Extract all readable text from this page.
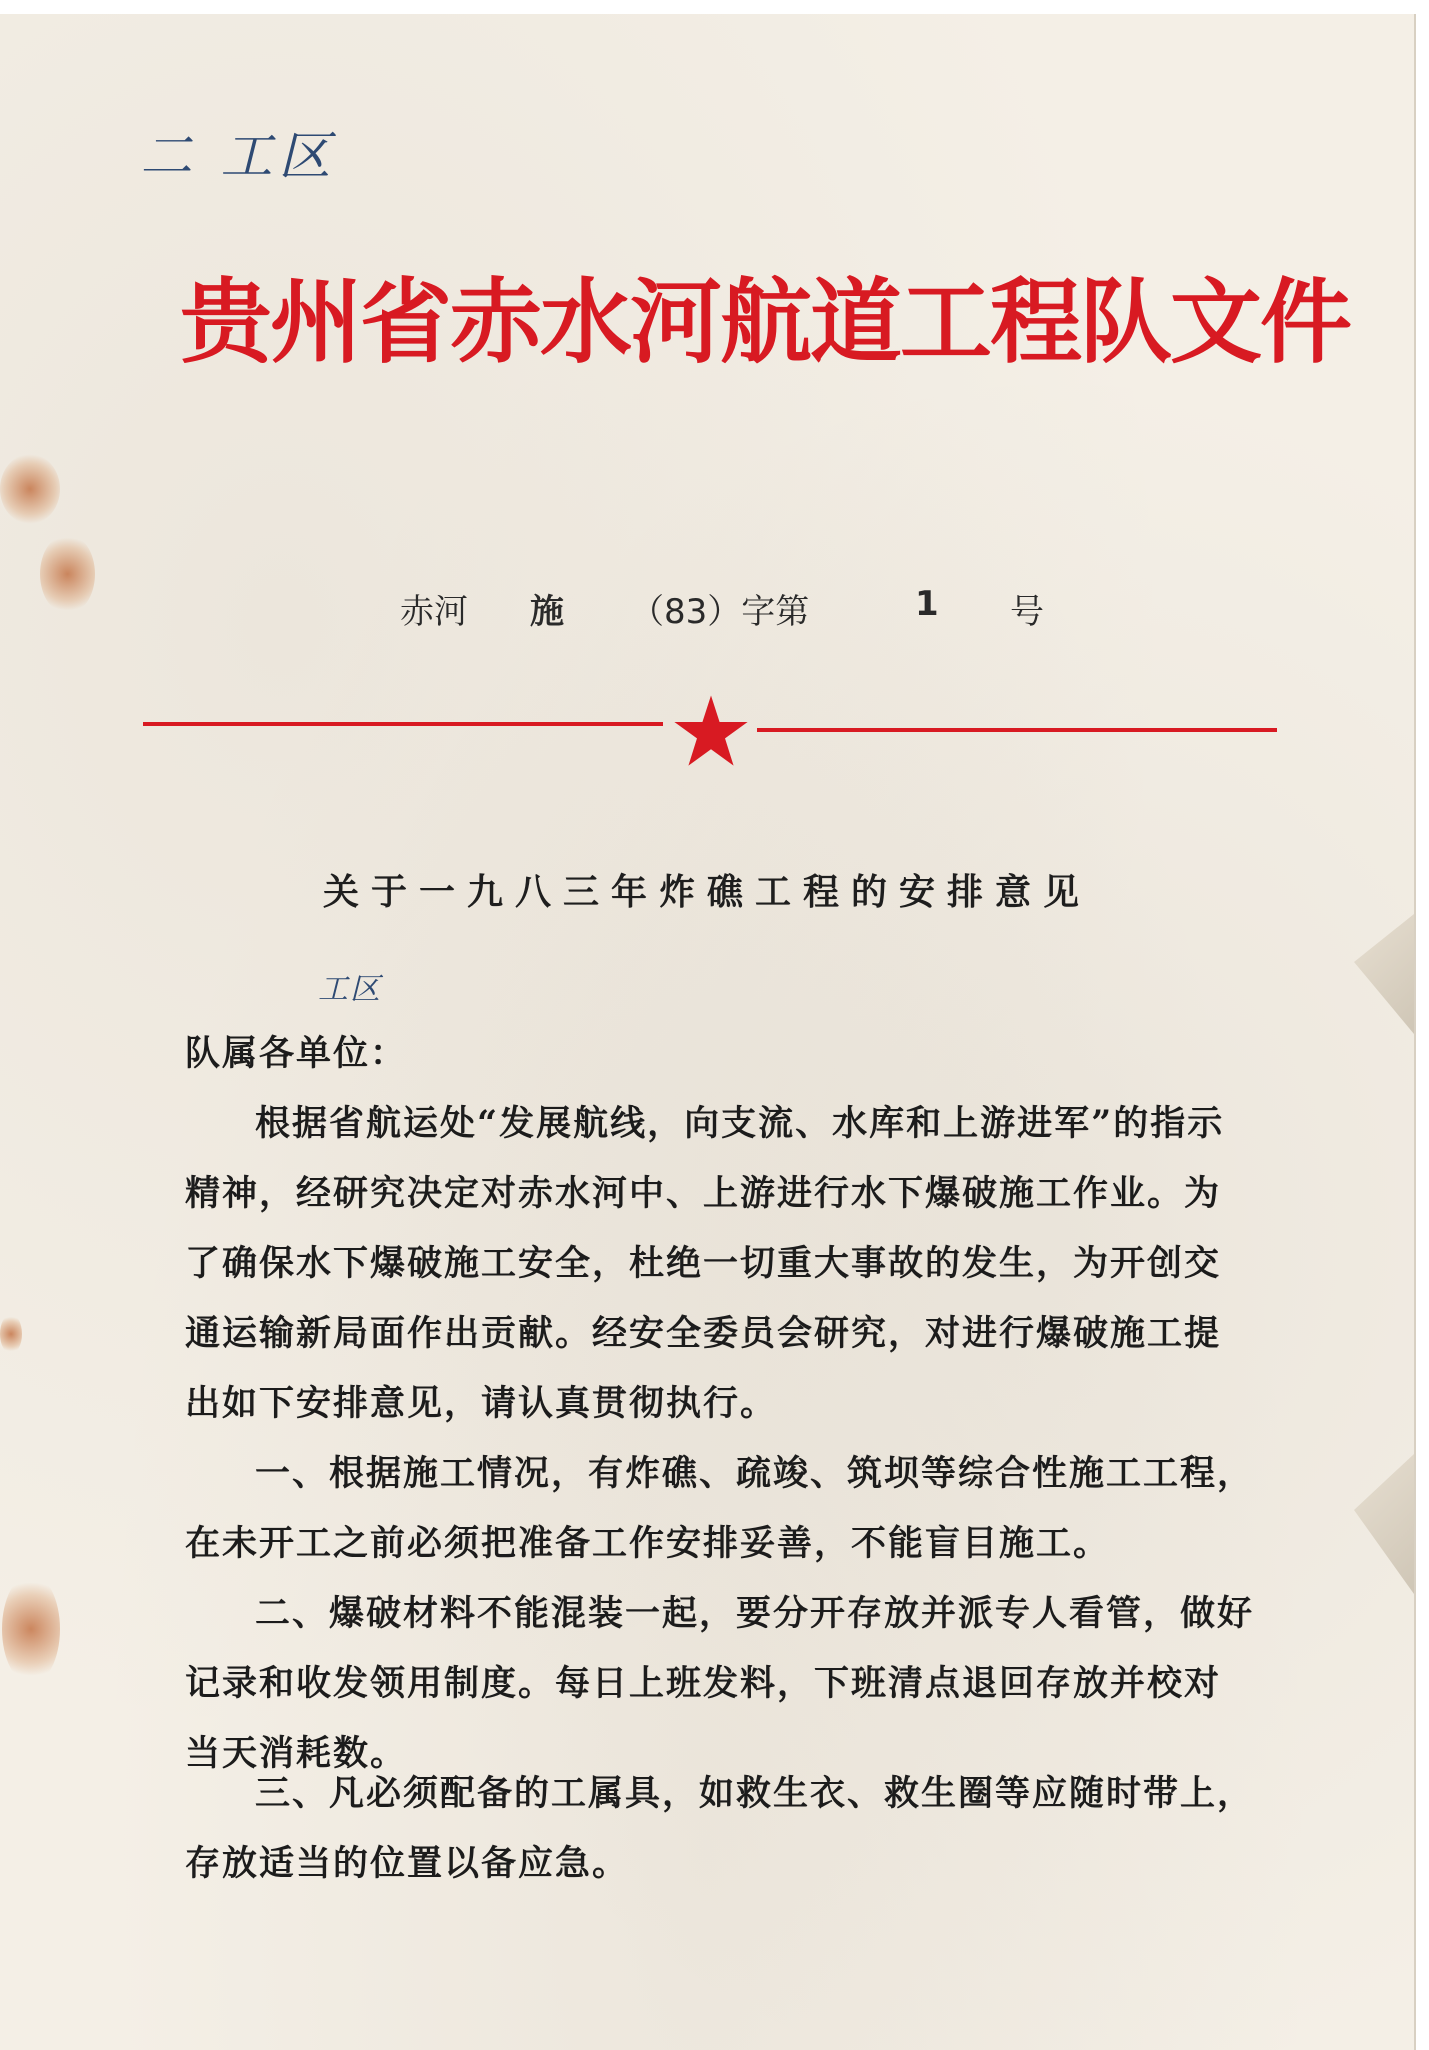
二 工区
贵州省赤水河航道工程队文件
赤河 施 （83）字第	1 号
关于一九八三年炸礁工程的安排意见
工区
队属各单位：

根据省航运处“发展航线，向支流、水库和上游进军”的指示精神，经研究决定对赤水河中、上游进行水下爆破施工作业。为了确保水下爆破施工安全，杜绝一切重大事故的发生，为开创交通运输新局面作出贡献。经安全委员会研究，对进行爆破施工提出如下安排意见，请认真贯彻执行。

一、根据施工情况，有炸礁、疏竣、筑坝等综合性施工工程，在未开工之前必须把准备工作安排妥善，不能盲目施工。

二、爆破材料不能混装一起，要分开存放并派专人看管，做好记录和收发领用制度。每日上班发料，下班清点退回存放并校对当天消耗数。

三、凡必须配备的工属具，如救生衣、救生圈等应随时带上，存放适当的位置以备应急。
